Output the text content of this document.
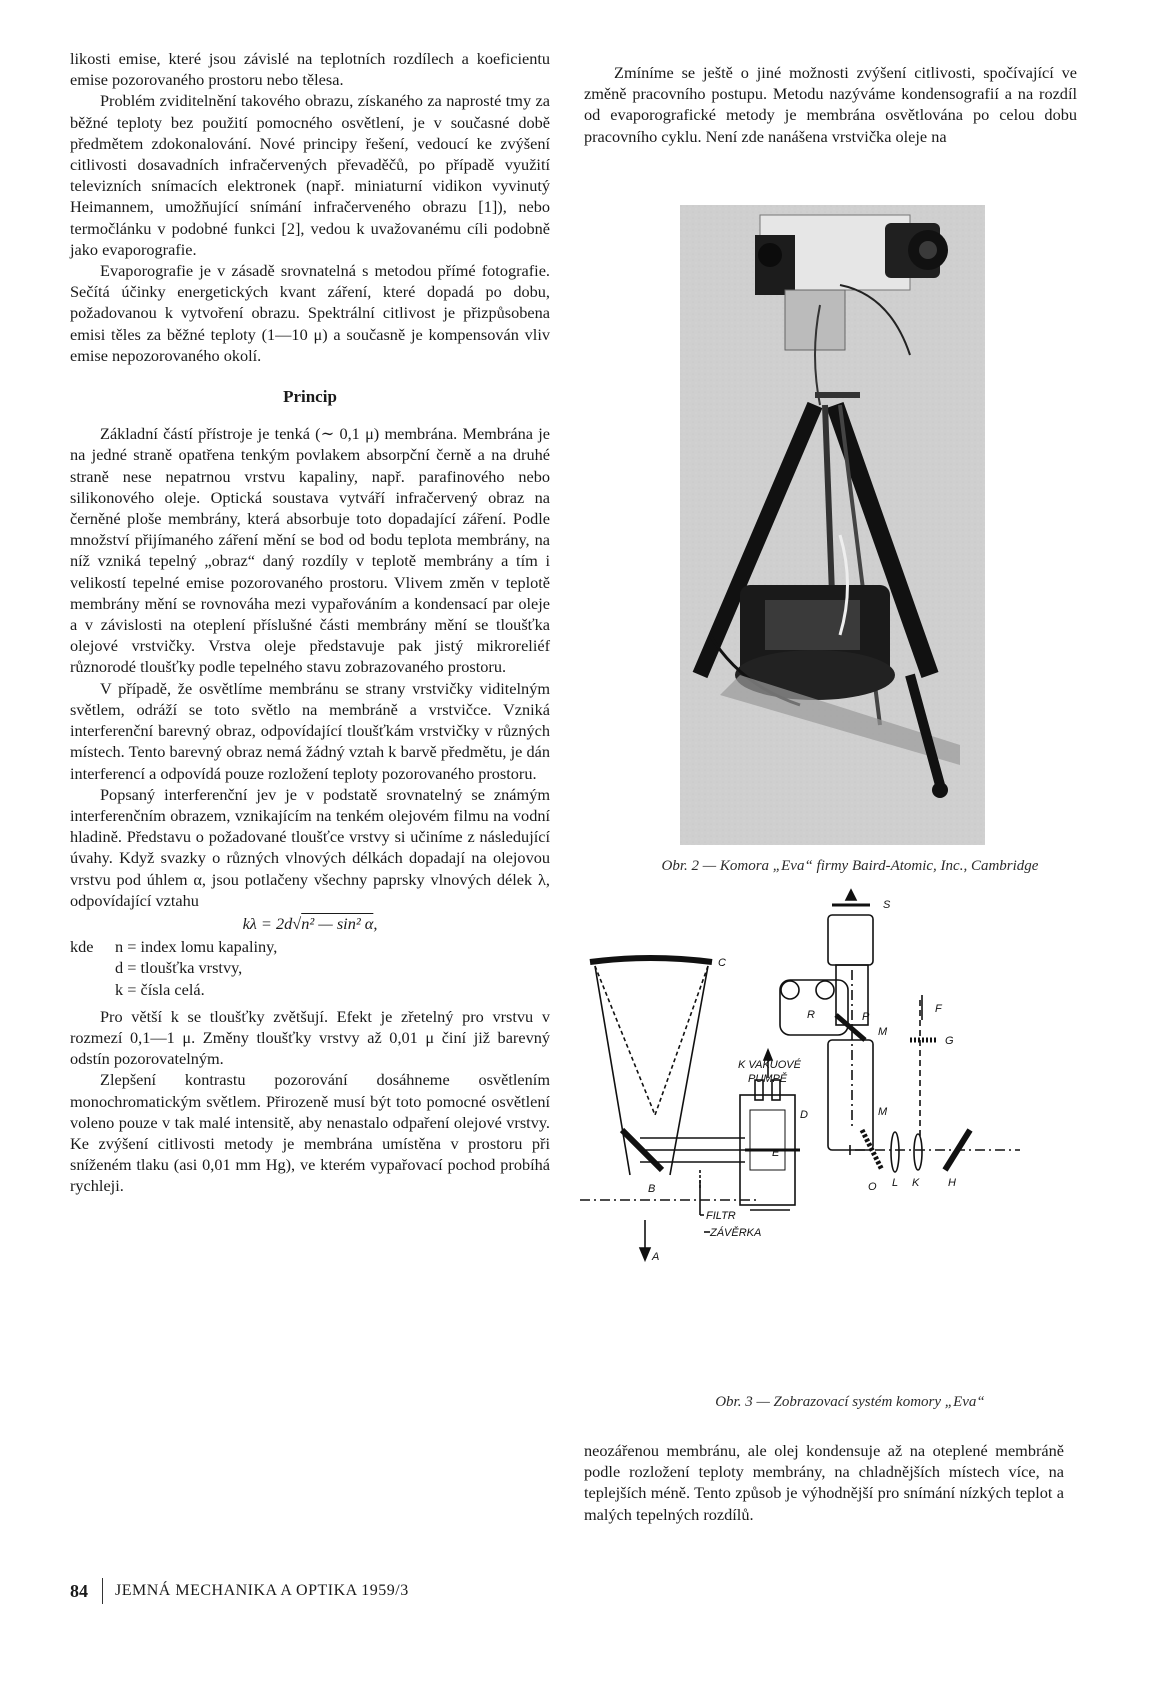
likosti emise, které jsou závislé na teplotních rozdílech a koeficientu emise pozorovaného prostoru nebo tělesa.

Problém zviditelnění takového obrazu, získaného za naprosté tmy za běžné teploty bez použití pomocného osvětlení, je v současné době předmětem zdokonalování. Nové principy řešení, vedoucí ke zvýšení citlivosti dosavadních infračervených převaděčů, po případě využití televizních snímacích elektronek (např. miniaturní vidikon vyvinutý Heimannem, umožňující snímání infračerveného obrazu [1]), nebo termočlánku v podobné funkci [2], vedou k uvažovanému cíli podobně jako evaporografie.

Evaporografie je v zásadě srovnatelná s metodou přímé fotografie. Sečítá účinky energetických kvant záření, které dopadá po dobu, požadovanou k vytvoření obrazu. Spektrální citlivost je přizpůsobena emisi těles za běžné teploty (1—10 μ) a současně je kompensován vliv emise nepozorovaného okolí.

Princip

Základní částí přístroje je tenká (∼ 0,1 μ) membrána. Membrána je na jedné straně opatřena tenkým povlakem absorpční černě a na druhé straně nese nepatrnou vrstvu kapaliny, např. parafinového nebo silikonového oleje. Optická soustava vytváří infračervený obraz na černěné ploše membrány, která absorbuje toto dopadající záření. Podle množství přijímaného záření mění se bod od bodu teplota membrány, na níž vzniká tepelný „obraz“ daný rozdíly v teplotě membrány a tím i velikostí tepelné emise pozorovaného prostoru. Vlivem změn v teplotě membrány mění se rovnováha mezi vypařováním a kondensací par oleje a v závislosti na oteplení příslušné části membrány mění se tloušťka olejové vrstvičky. Vrstva oleje představuje pak jistý mikroreliéf různorodé tloušťky podle tepelného stavu zobrazovaného prostoru.

V případě, že osvětlíme membránu se strany vrstvičky viditelným světlem, odráží se toto světlo na membráně a vrstvičce. Vzniká interferenční barevný obraz, odpovídající tloušťkám vrstvičky v různých místech. Tento barevný obraz nemá žádný vztah k barvě předmětu, je dán interferencí a odpovídá pouze rozložení teploty pozorovaného prostoru.

Popsaný interferenční jev je v podstatě srovnatelný se známým interferenčním obrazem, vznikajícím na tenkém olejovém filmu na vodní hladině. Představu o požadované tloušťce vrstvy si učiníme z následující úvahy. Když svazky o různých vlnových délkách dopadají na olejovou vrstvu pod úhlem α, jsou potlačeny všechny paprsky vlnových délek λ, odpovídající vztahu

kλ = 2d√n² — sin² α,
kde	n = index lomu kapaliny,
d = tloušťka vrstvy,
k = čísla celá.

Pro větší k se tloušťky zvětšují. Efekt je zřetelný pro vrstvu v rozmezí 0,1—1 μ. Změny tloušťky vrstvy až 0,01 μ činí již barevný odstín pozorovatelným.

Zlepšení kontrastu pozorování dosáhneme osvětlením monochromatickým světlem. Přirozeně musí být toto pomocné osvětlení voleno pouze v tak malé intensitě, aby nenastalo odpaření olejové vrstvy. Ke zvýšení citlivosti metody je membrána umístěna v prostoru při sníženém tlaku (asi 0,01 mm Hg), ve kterém vypařovací pochod probíhá rychleji.

Zmíníme se ještě o jiné možnosti zvýšení citlivosti, spočívající ve změně pracovního postupu. Metodu nazýváme kondensografií a na rozdíl od evaporografické metody je membrána osvětlována po celou dobu pracovního cyklu. Není zde nanášena vrstvička oleje na

Obr. 2 — Komora „Eva“ firmy Baird-Atomic, Inc., Cambridge
S
C
P
R
M
M
F
G
K VAKUOVÉ
PUMPĚ
D
E
B	L K	H
O
FILTR
ZÁVĚRKA
A
Obr. 3 — Zobrazovací systém komory „Eva“

neozářenou membránu, ale olej kondensuje až na oteplené membráně podle rozložení teploty membrány, na chladnějších místech více, na teplejších méně. Tento způsob je výhodnější pro snímání nízkých teplot a malých tepelných rozdílů.

84 JEMNÁ MECHANIKA A OPTIKA 1959/3
